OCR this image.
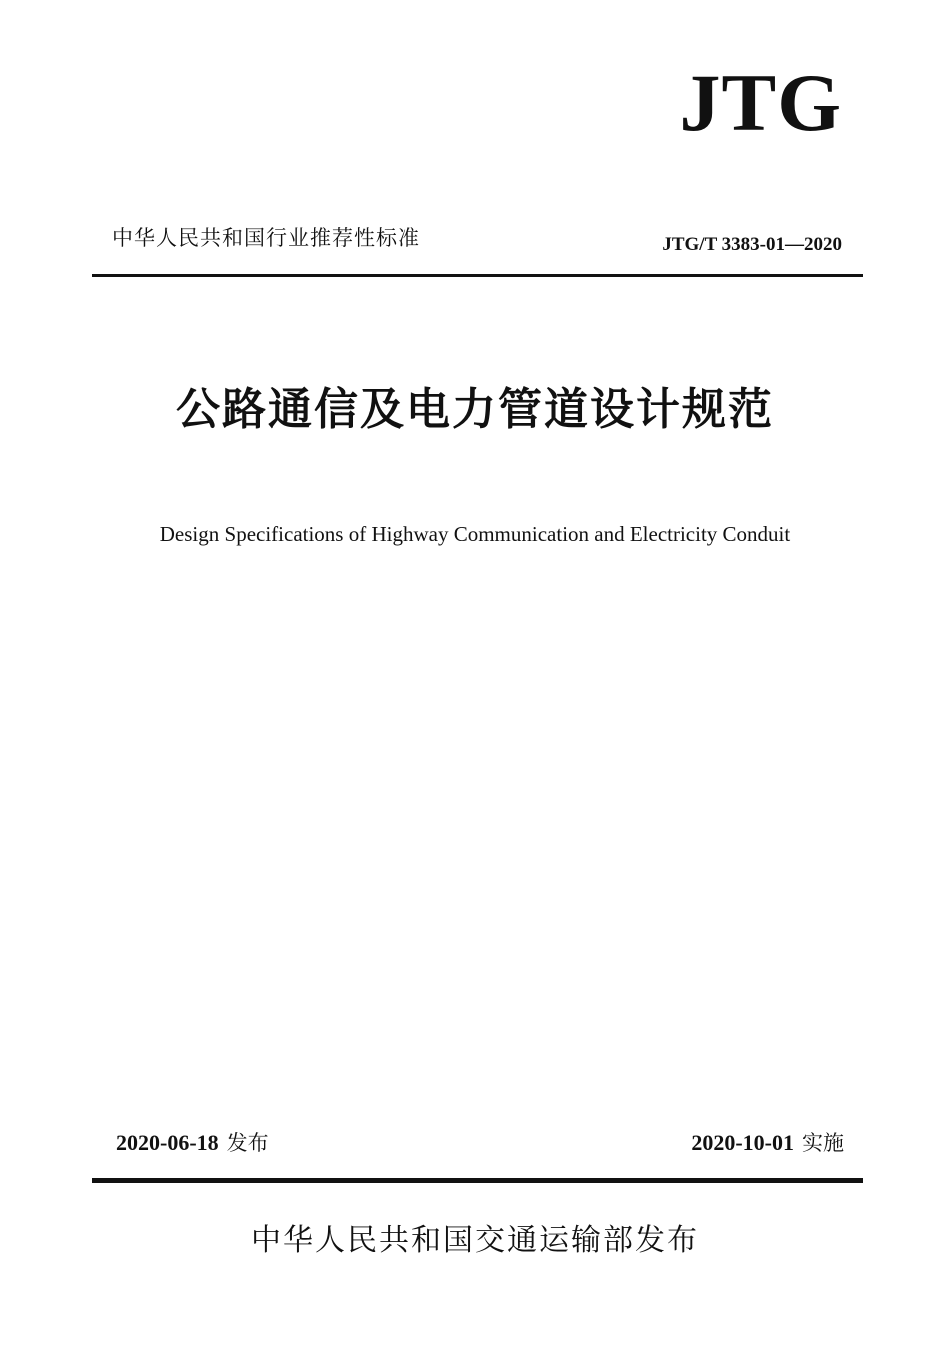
JTG
中华人民共和国行业推荐性标准	JTG/T 3383-01—2020
公路通信及电力管道设计规范
Design Specifications of Highway Communication and Electricity Conduit
2020-06-18 发布	2020-10-01 实施
中华人民共和国交通运输部发布
